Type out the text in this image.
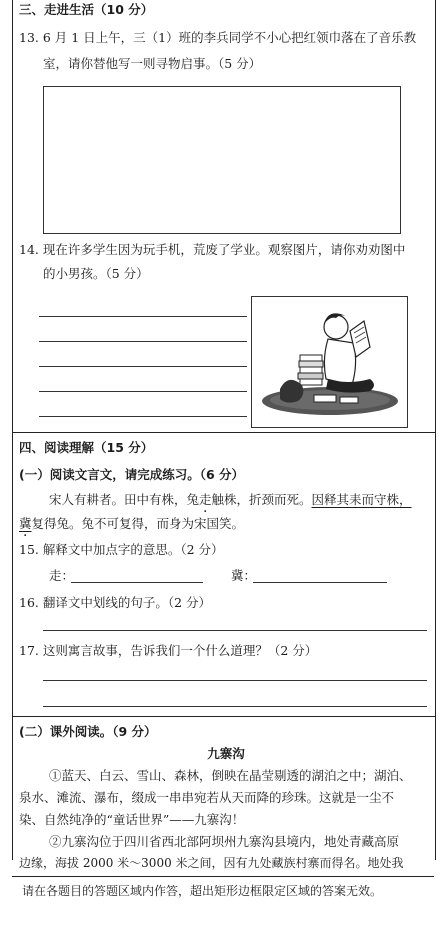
三、走进生活（10 分）
13. 6 月 1 日上午，三（1）班的李兵同学不小心把红领巾落在了音乐教
室，请你替他写一则寻物启事。（5 分）
14. 现在许多学生因为玩手机，荒废了学业。观察图片，请你劝劝图中
的小男孩。（5 分）
四、阅读理解（15 分）
(一）阅读文言文，请完成练习。（6 分）
宋人有耕者。田中有株，兔走触株，折颈而死。因释其耒而守株，
冀复得兔。兔不可复得，而身为宋国笑。
15. 解释文中加点字的意思。（2 分）
走：	冀：
16. 翻译文中划线的句子。（2 分）
17. 这则寓言故事，告诉我们一个什么道理？（2 分）
(二）课外阅读。（9 分）
九寨沟
①蓝天、白云、雪山、森林，倒映在晶莹剔透的湖泊之中；湖泊、
泉水、滩流、瀑布，缀成一串串宛若从天而降的珍珠。这就是一尘不
染、自然纯净的“童话世界”——九寨沟！
②九寨沟位于四川省西北部阿坝州九寨沟县境内，地处青藏高原
边缘，海拔 2000 米～3000 米之间，因有九处藏族村寨而得名。地处我
请在各题目的答题区域内作答，超出矩形边框限定区域的答案无效。
